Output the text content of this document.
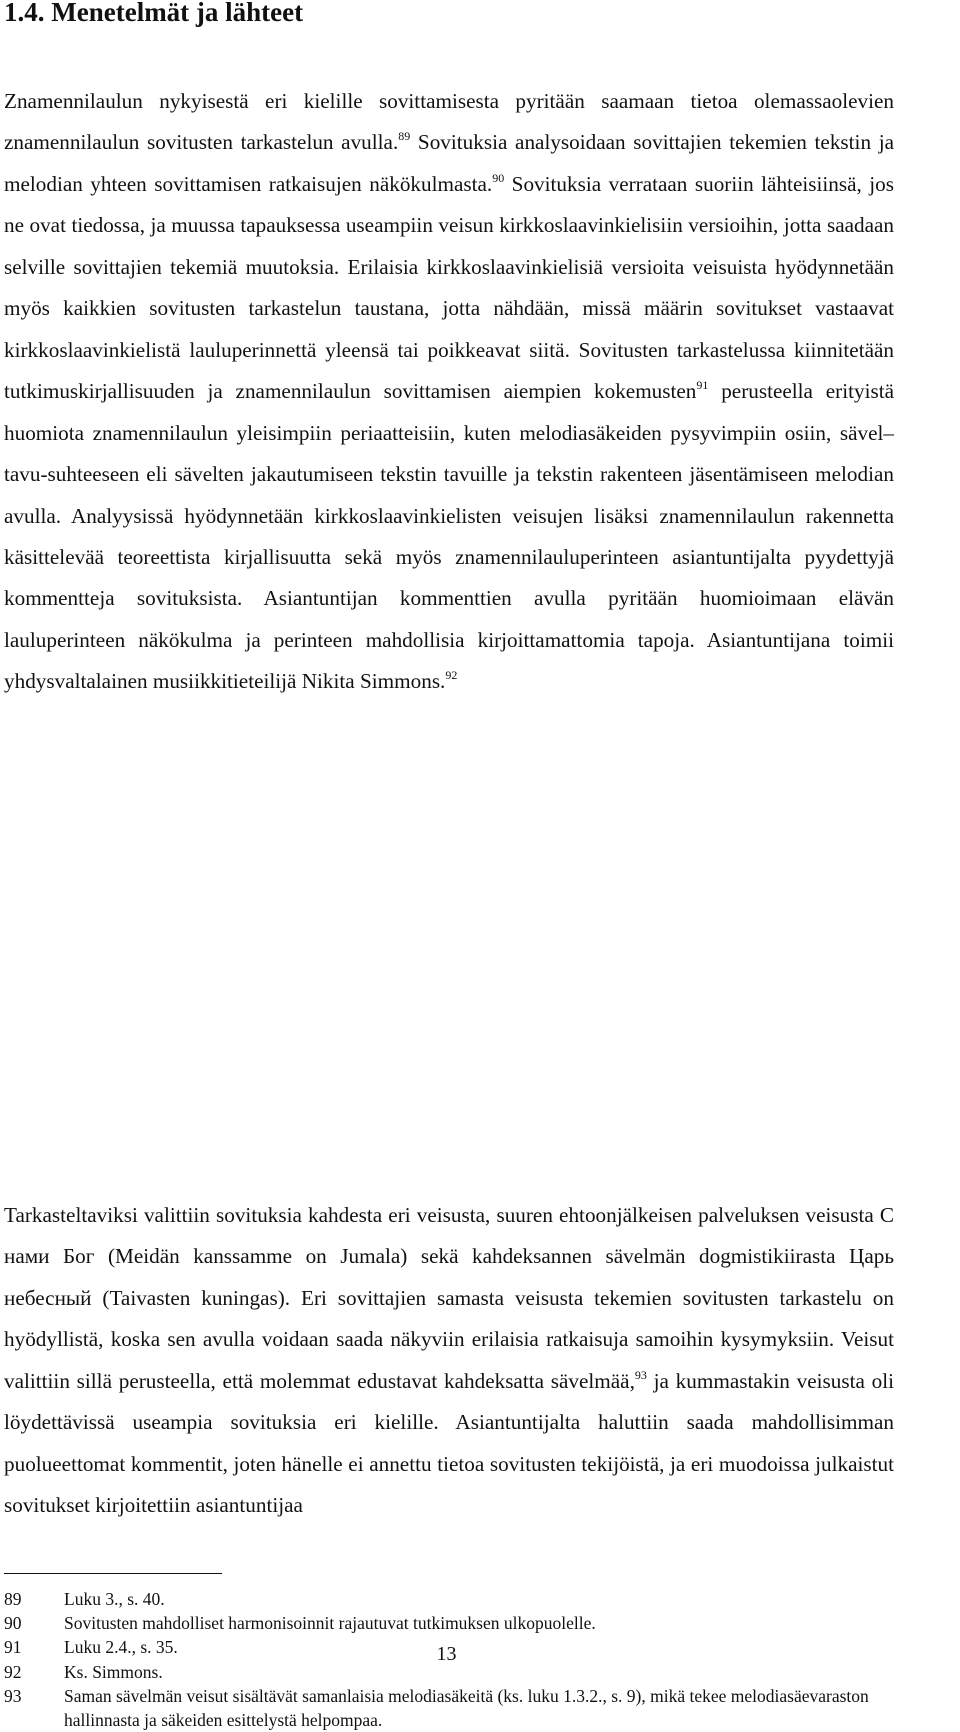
1.4. Menetelmät ja lähteet

Znamennilaulun nykyisestä eri kielille sovittamisesta pyritään saamaan tietoa olemassaolevien znamennilaulun sovitusten tarkastelun avulla.$^{89}$ Sovituksia analysoidaan sovittajien tekemien tekstin ja melodian yhteen sovittamisen ratkaisujen näkökulmasta.$^{90}$ Sovituksia verrataan suoriin lähteisiinsä, jos ne ovat tiedossa, ja muussa tapauksessa useampiin veisun kirkkoslaavinkielisiin versioihin, jotta saadaan selville sovittajien tekemiä muutoksia. Erilaisia kirkkoslaavinkielisiä versioita veisuista hyödynnetään myös kaikkien sovitusten tarkastelun taustana, jotta nähdään, missä määrin sovitukset vastaavat kirkkoslaavinkielistä lauluperinnettä yleensä tai poikkeavat siitä. Sovitusten tarkastelussa kiinnitetään tutkimuskirjallisuuden ja znamennilaulun sovittamisen aiempien kokemusten$^{91}$ perusteella erityistä huomiota znamennilaulun yleisimpiin periaatteisiin, kuten melodiasäkeiden pysyvimpiin osiin, sävel–tavu-suhteeseen eli sävelten jakautumiseen tekstin tavuille ja tekstin rakenteen jäsentämiseen melodian avulla. Analyysissä hyödynnetään kirkkoslaavinkielisten veisujen lisäksi znamennilaulun rakennetta käsittelevää teoreettista kirjallisuutta sekä myös znamennilauluperinteen asiantuntijalta pyydettyjä kommentteja sovituksista. Asiantuntijan kommenttien avulla pyritään huomioimaan elävän lauluperinteen näkökulma ja perinteen mahdollisia kirjoittamattomia tapoja. Asiantuntijana toimii yhdysvaltalainen musiikkitieteilijä Nikita Simmons.$^{92}$

Tarkasteltaviksi valittiin sovituksia kahdesta eri veisusta, suuren ehtoonjälkeisen palveluksen veisusta С нами Бог (Meidän kanssamme on Jumala) sekä kahdeksannen sävelmän dogmistikiirasta Царь небесный (Taivasten kuningas). Eri sovittajien samasta veisusta tekemien sovitusten tarkastelu on hyödyllistä, koska sen avulla voidaan saada näkyviin erilaisia ratkaisuja samoihin kysymyksiin. Veisut valittiin sillä perusteella, että molemmat edustavat kahdeksatta sävelmää,$^{93}$ ja kummastakin veisusta oli löydettävissä useampia sovituksia eri kielille. Asiantuntijalta haluttiin saada mahdollisimman puolueettomat kommentit, joten hänelle ei annettu tietoa sovitusten tekijöistä, ja eri muodoissa julkaistut sovitukset kirjoitettiin asiantuntijaa

89	Luku 3., s. 40.
90	Sovitusten mahdolliset harmonisoinnit rajautuvat tutkimuksen ulkopuolelle.
91	Luku 2.4., s. 35.
92	Ks. Simmons.
93	Saman sävelmän veisut sisältävät samanlaisia melodiasäkeitä (ks. luku 1.3.2., s. 9), mikä tekee melodiasäevaraston hallinnasta ja säkeiden esittelystä helpompaa.
13
